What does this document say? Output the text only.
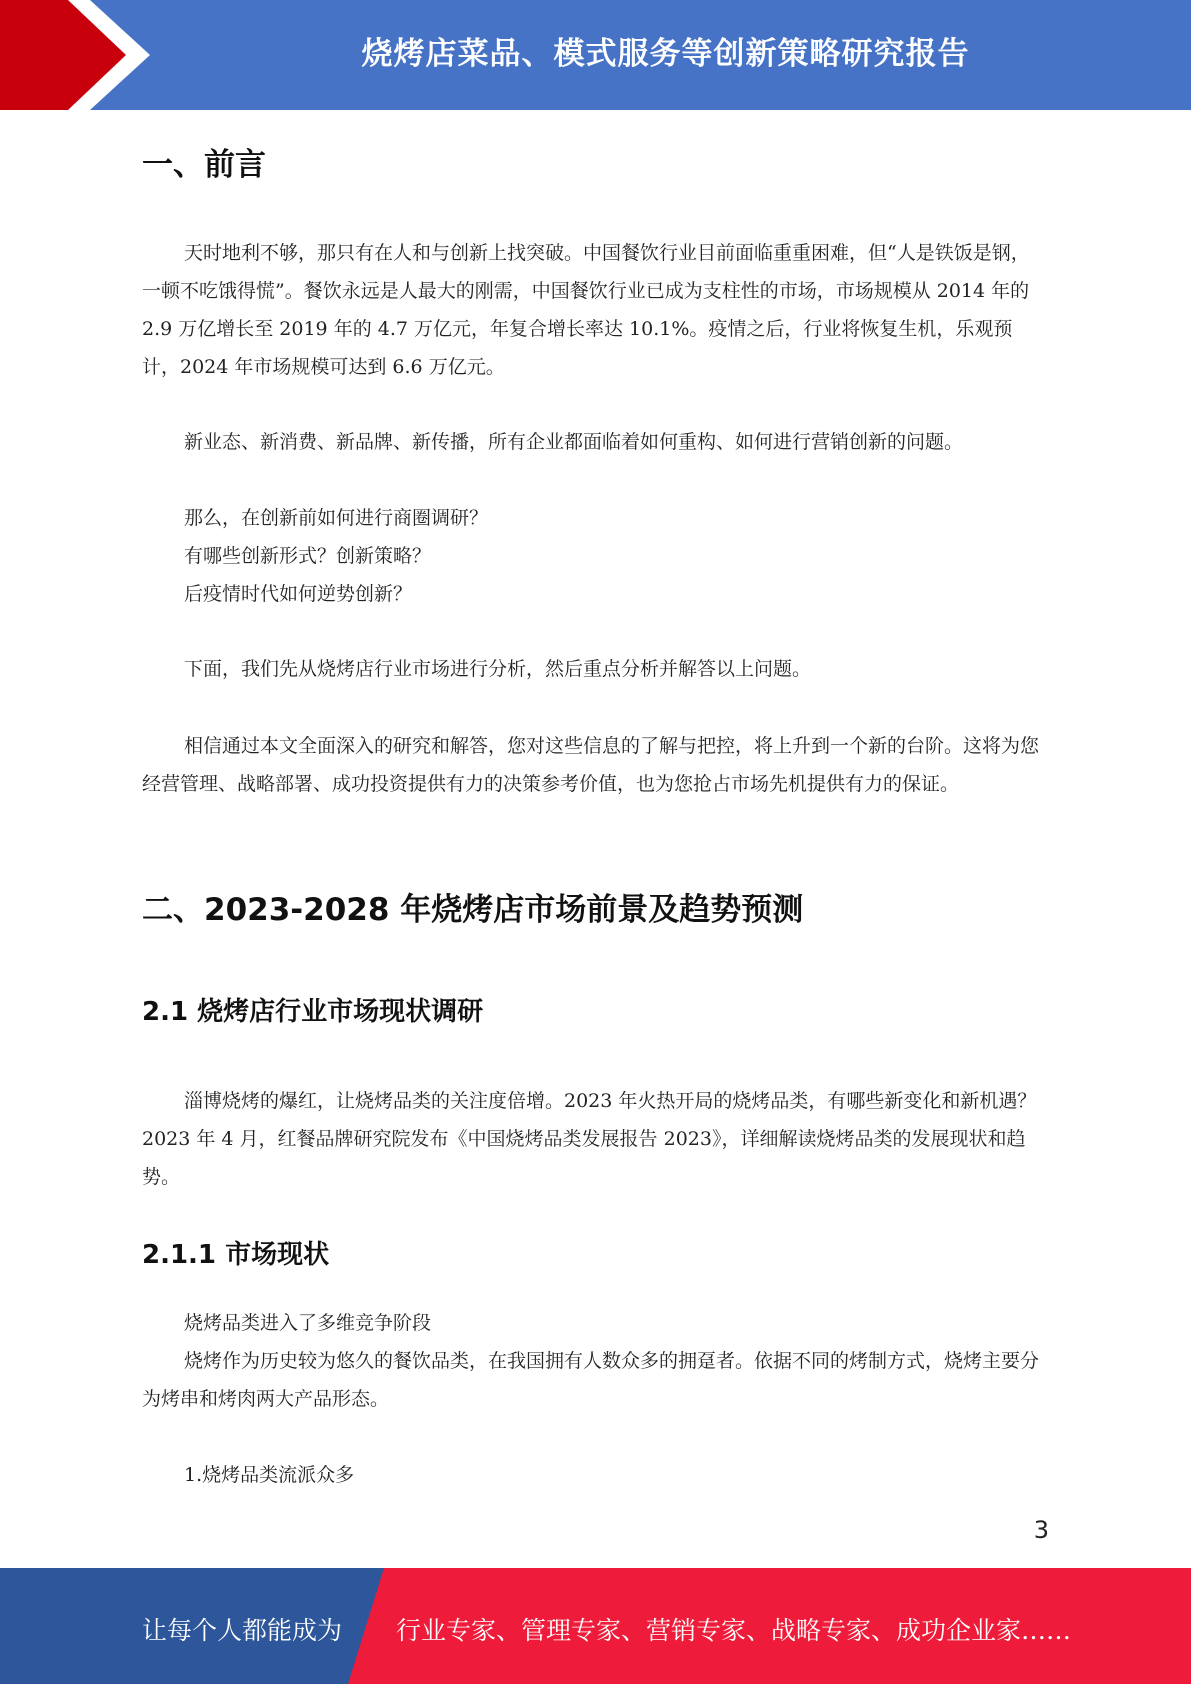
烧烤店菜品、模式服务等创新策略研究报告
一、前言

天时地利不够，那只有在人和与创新上找突破。中国餐饮行业目前面临重重困难，但“人是铁饭是钢，一顿不吃饿得慌”。餐饮永远是人最大的刚需，中国餐饮行业已成为支柱性的市场，市场规模从 2014 年的 2.9 万亿增长至 2019 年的 4.7 万亿元，年复合增长率达 10.1%。疫情之后，行业将恢复生机，乐观预计，2024 年市场规模可达到 6.6 万亿元。

新业态、新消费、新品牌、新传播，所有企业都面临着如何重构、如何进行营销创新的问题。

那么，在创新前如何进行商圈调研？
有哪些创新形式？创新策略？
后疫情时代如何逆势创新？

下面，我们先从烧烤店行业市场进行分析，然后重点分析并解答以上问题。

相信通过本文全面深入的研究和解答，您对这些信息的了解与把控，将上升到一个新的台阶。这将为您经营管理、战略部署、成功投资提供有力的决策参考价值，也为您抢占市场先机提供有力的保证。

二、2023-2028 年烧烤店市场前景及趋势预测
2.1 烧烤店行业市场现状调研

淄博烧烤的爆红，让烧烤品类的关注度倍增。2023 年火热开局的烧烤品类，有哪些新变化和新机遇？2023 年 4 月，红餐品牌研究院发布《中国烧烤品类发展报告 2023》，详细解读烧烤品类的发展现状和趋势。

2.1.1 市场现状
烧烤品类进入了多维竞争阶段

烧烤作为历史较为悠久的餐饮品类，在我国拥有人数众多的拥趸者。依据不同的烤制方式，烧烤主要分为烤串和烤肉两大产品形态。

1.烧烤品类流派众多
3
让每个人都能成为 行业专家、管理专家、营销专家、战略专家、成功企业家……
